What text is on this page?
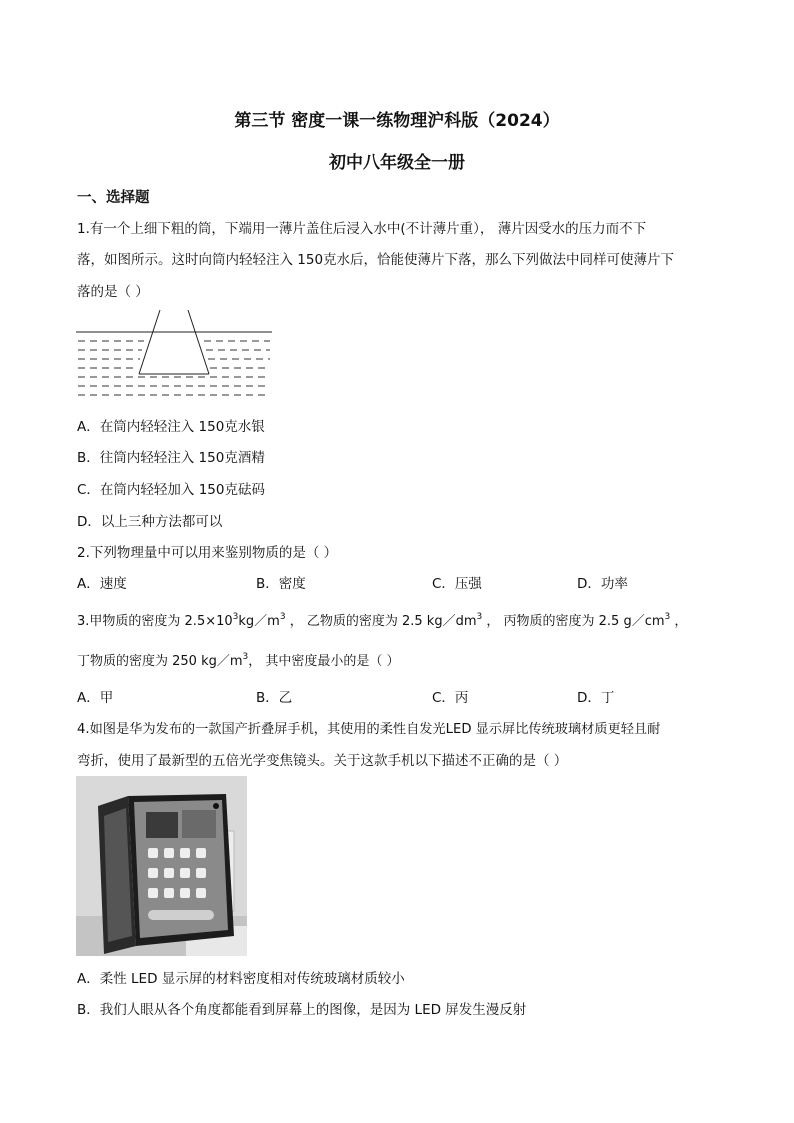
第三节 密度一课一练物理沪科版（2024）
初中八年级全一册
一、选择题
1.有一个上细下粗的筒，下端用一薄片盖住后浸入水中(不计薄片重）， 薄片因受水的压力而不下
落，如图所示。这时向筒内轻轻注入 150克水后，恰能使薄片下落，那么下列做法中同样可使薄片下
落的是（ ）
A．在筒内轻轻注入 150克水银
B．往筒内轻轻注入 150克酒精
C．在筒内轻轻加入 150克砝码
D．以上三种方法都可以
2.下列物理量中可以用来鉴别物质的是（ ）
A．速度	B．密度	C．压强	D．功率
3.甲物质的密度为 $2.5\times 10^3kg/m^3$ ， 乙物质的密度为 2.5 $kg/dm^3$ ， 丙物质的密度为 2.5 $g/cm^3$ ，
丁物质的密度为 250 $kg/m^3$， 其中密度最小的是（ ）
A．甲	B．乙	C．丙	D．丁
4.如图是华为发布的一款国产折叠屏手机，其使用的柔性自发光LED 显示屏比传统玻璃材质更轻且耐
弯折，使用了最新型的五倍光学变焦镜头。关于这款手机以下描述不正确的是（ ）
A．柔性 LED 显示屏的材料密度相对传统玻璃材质较小
B．我们人眼从各个角度都能看到屏幕上的图像，是因为 LED 屏发生漫反射
